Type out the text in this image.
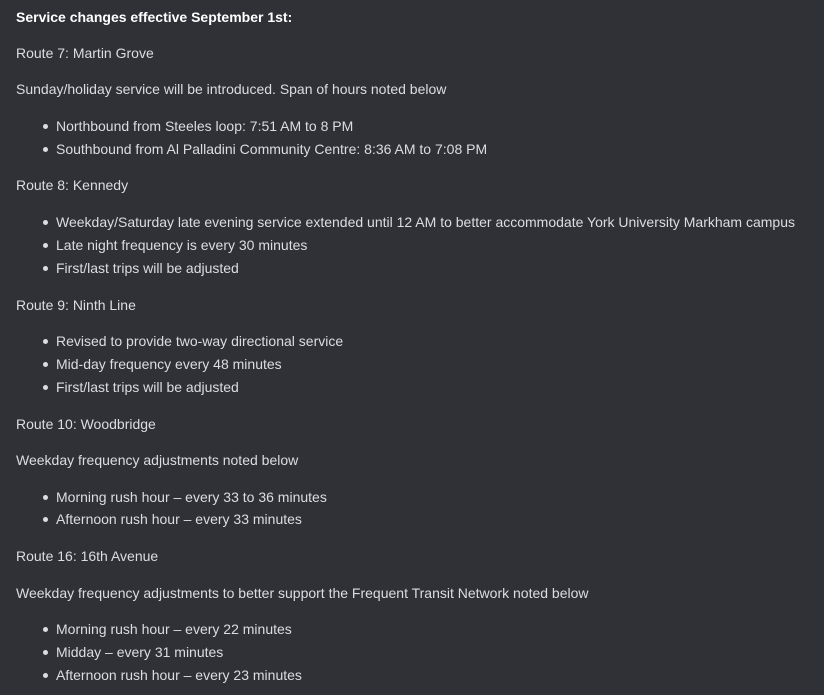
Service changes effective September 1st:
Route 7: Martin Grove
Sunday/holiday service will be introduced. Span of hours noted below
Northbound from Steeles loop: 7:51 AM to 8 PM
Southbound from Al Palladini Community Centre: 8:36 AM to 7:08 PM
Route 8: Kennedy
Weekday/Saturday late evening service extended until 12 AM to better accommodate York University Markham campus
Late night frequency is every 30 minutes
First/last trips will be adjusted
Route 9: Ninth Line
Revised to provide two-way directional service
Mid-day frequency every 48 minutes
First/last trips will be adjusted
Route 10: Woodbridge
Weekday frequency adjustments noted below
Morning rush hour – every 33 to 36 minutes
Afternoon rush hour – every 33 minutes
Route 16: 16th Avenue
Weekday frequency adjustments to better support the Frequent Transit Network noted below
Morning rush hour – every 22 minutes
Midday – every 31 minutes
Afternoon rush hour – every 23 minutes
